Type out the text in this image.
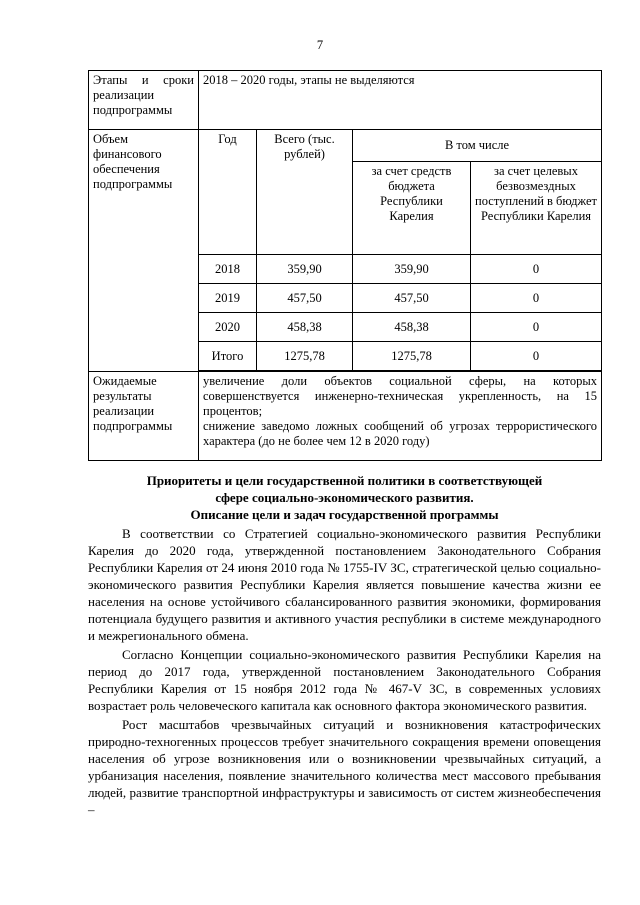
7
Этапы и сроки реализации подпрограммы	2018 – 2020 годы, этапы не выделяются			
Объем финансового обеспечения подпрограммы	Год	Всего (тыс. рублей)	В том числе	
			за счет средств бюджета Республики Карелия	за счет целевых безвозмездных поступлений в бюджет Республики Карелия
	2018	359,90	359,90	0
	2019	457,50	457,50	0
	2020	458,38	458,38	0
	Итого	1275,78	1275,78	0

Ожидаемые результаты реализации подпрограммы	увеличение доли объектов социальной сферы, на которых совершенствуется инженерно-техническая укрепленность, на 15 процентов;
снижение заведомо ложных сообщений об угрозах террористического характера (до не более чем 12 в 2020 году)			
Приоритеты и цели государственной политики в соответствующей
сфере социально-экономического развития.
Описание цели и задач государственной программы

В соответствии со Стратегией социально-экономического развития Республики Карелия до 2020 года, утвержденной постановлением Законодательного Собрания Республики Карелия от 24 июня 2010 года № 1755-IV ЗС, стратегической целью социально-экономического развития Республики Карелия является повышение качества жизни ее населения на основе устойчивого сбалансированного развития экономики, формирования потенциала будущего развития и активного участия республики в системе международного и межрегионального обмена.

Согласно Концепции социально-экономического развития Республики Карелия на период до 2017 года, утвержденной постановлением Законодательного Собрания Республики Карелия от 15 ноября 2012 года № 467-V ЗС, в современных условиях возрастает роль человеческого капитала как основного фактора экономического развития.

Рост масштабов чрезвычайных ситуаций и возникновения катастрофических природно-техногенных процессов требует значительного сокращения времени оповещения населения об угрозе возникновения или о возникновении чрезвычайных ситуаций, а урбанизация населения, появление значительного количества мест массового пребывания людей, развитие транспортной инфраструктуры и зависимость от систем жизнеобеспечения –
